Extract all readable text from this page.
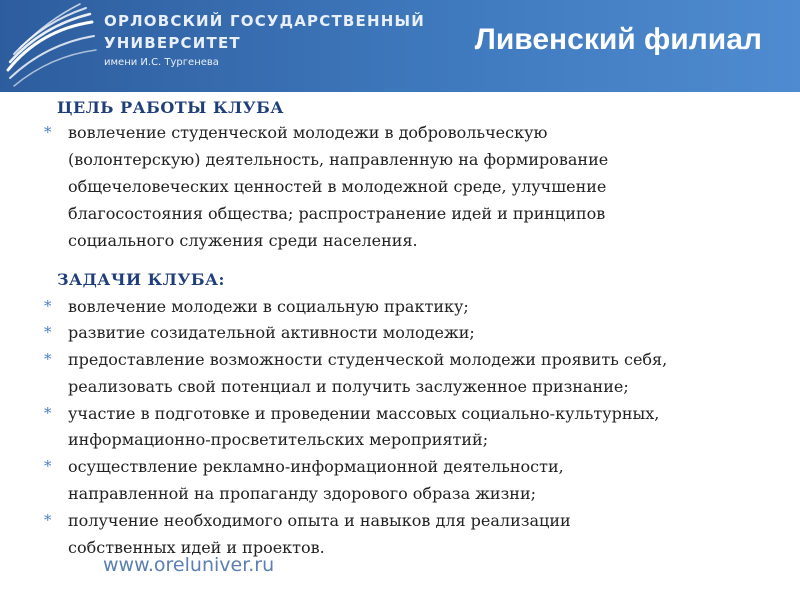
ОРЛОВСКИЙ ГОСУДАРСТВЕННЫЙ
УНИВЕРСИТЕТ
имени И.С. Тургенева
Ливенский филиал
ЦЕЛЬ РАБОТЫ КЛУБА
* вовлечение студенческой молодежи в добровольческую
(волонтерскую) деятельность, направленную на формирование
общечеловеческих ценностей в молодежной среде, улучшение
благосостояния общества; распространение идей и принципов
социального служения среди населения.
ЗАДАЧИ КЛУБА:
* вовлечение молодежи в социальную практику;
* развитие созидательной активности молодежи;
* предоставление возможности студенческой молодежи проявить себя,
реализовать свой потенциал и получить заслуженное признание;
* участие в подготовке и проведении массовых социально-культурных,
информационно-просветительских мероприятий;
* осуществление рекламно-информационной деятельности,
направленной на пропаганду здорового образа жизни;
* получение необходимого опыта и навыков для реализации
собственных идей и проектов.
www.oreluniver.ru
